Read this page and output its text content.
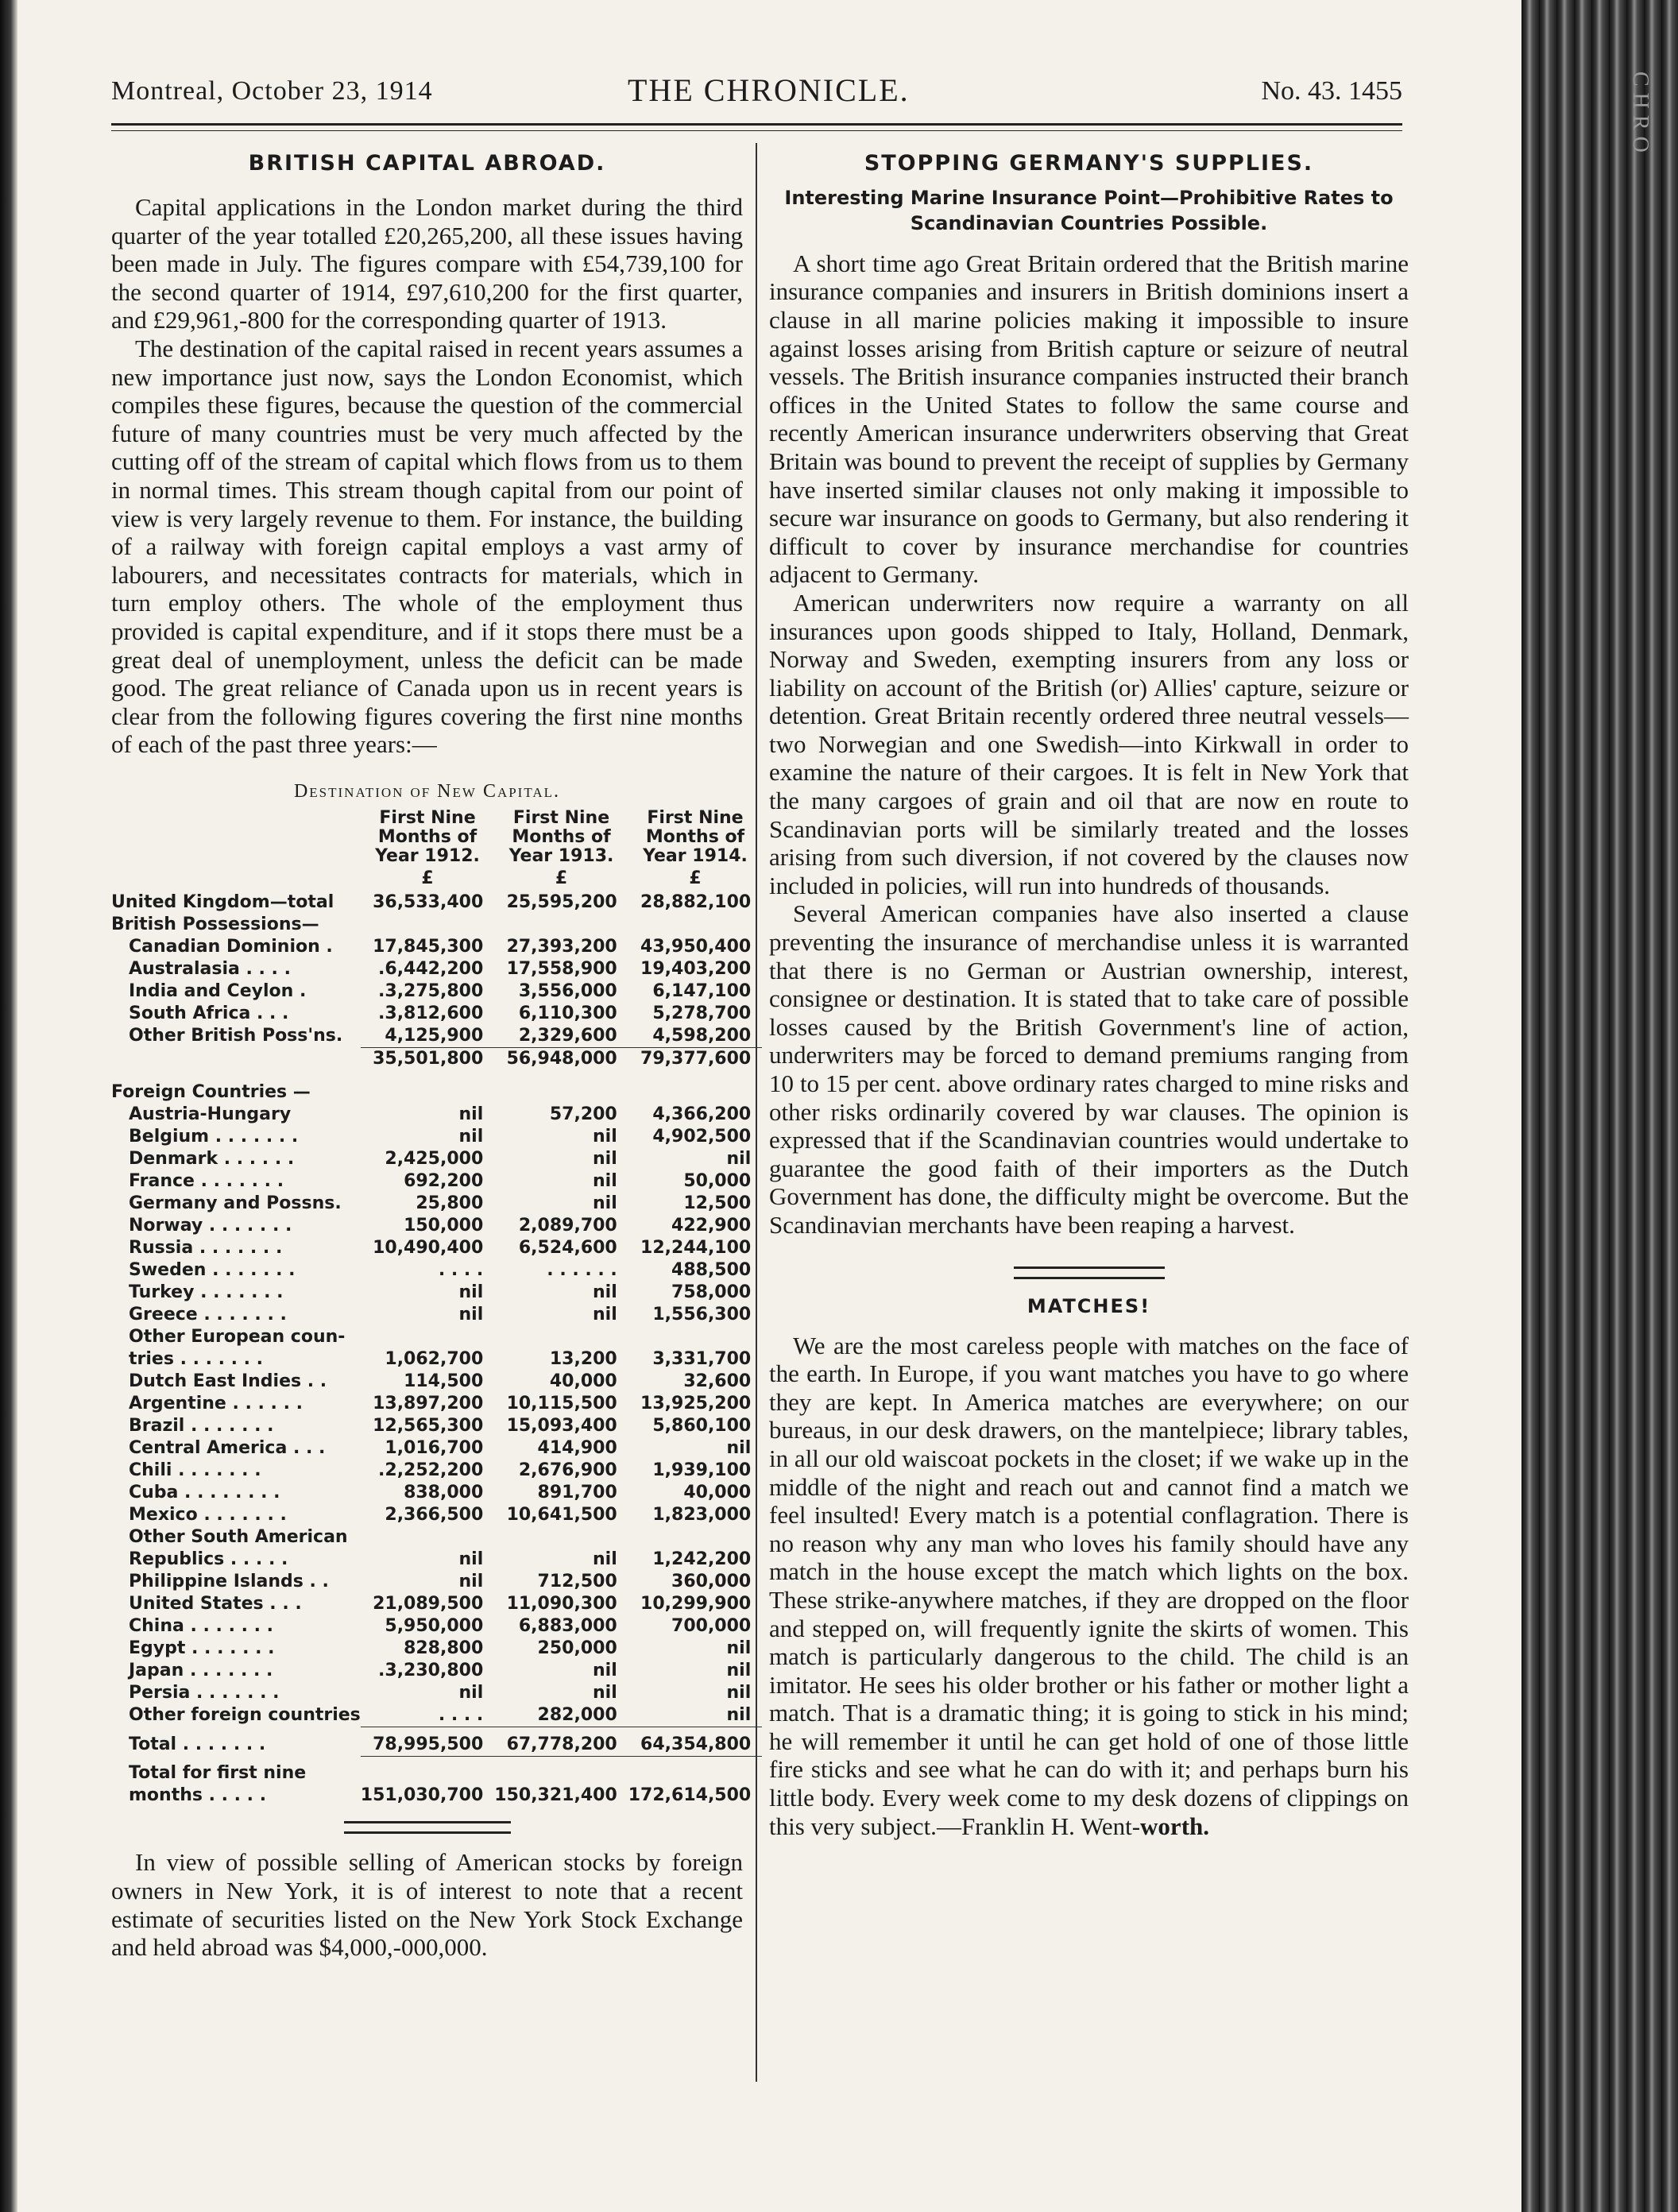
Montreal, October 23, 1914	THE CHRONICLE.	No. 43. 1455
BRITISH CAPITAL ABROAD.

Capital applications in the London market during the third quarter of the year totalled £20,265,200, all these issues having been made in July. The figures compare with £54,739,100 for the second quarter of 1914, £97,610,200 for the first quarter, and £29,961,-800 for the corresponding quarter of 1913.

The destination of the capital raised in recent years assumes a new importance just now, says the London Economist, which compiles these figures, because the question of the commercial future of many countries must be very much affected by the cutting off of the stream of capital which flows from us to them in normal times. This stream though capital from our point of view is very largely revenue to them. For instance, the building of a railway with foreign capital employs a vast army of labourers, and necessitates contracts for materials, which in turn employ others. The whole of the employment thus provided is capital expenditure, and if it stops there must be a great deal of unemployment, unless the deficit can be made good. The great reliance of Canada upon us in recent years is clear from the following figures covering the first nine months of each of the past three years:—

Destination of New Capital.
	First Nine Months of Year 1912.	First Nine Months of Year 1913.	First Nine Months of Year 1914.
	£	£	£
United Kingdom—total	36,533,400	25,595,200	28,882,100
British Possessions—			
Canadian Dominion .	17,845,300	27,393,200	43,950,400
Australasia . . . .	.6,442,200	17,558,900	19,403,200
India and Ceylon .	.3,275,800	3,556,000	6,147,100
South Africa . . .	.3,812,600	6,110,300	5,278,700
Other British Poss'ns.	4,125,900	2,329,600	4,598,200
	35,501,800	56,948,000	79,377,600

Foreign Countries —			
Austria-Hungary	nil	57,200	4,366,200
Belgium . . . . . . .	nil	nil	4,902,500
Denmark . . . . . .	2,425,000	nil	nil
France . . . . . . .	692,200	nil	50,000
Germany and Possns.	25,800	nil	12,500
Norway . . . . . . .	150,000	2,089,700	422,900
Russia . . . . . . .	10,490,400	6,524,600	12,244,100
Sweden . . . . . . .	. . . .	. . . . . .	488,500
Turkey . . . . . . .	nil	nil	758,000
Greece . . . . . . .	nil	nil	1,556,300
Other European coun-			
tries . . . . . . .	1,062,700	13,200	3,331,700
Dutch East Indies . .	114,500	40,000	32,600
Argentine . . . . . .	13,897,200	10,115,500	13,925,200
Brazil . . . . . . .	12,565,300	15,093,400	5,860,100
Central America . . .	1,016,700	414,900	nil
Chili . . . . . . .	.2,252,200	2,676,900	1,939,100
Cuba . . . . . . . .	838,000	891,700	40,000
Mexico . . . . . . .	2,366,500	10,641,500	1,823,000
Other South American			
Republics . . . . .	nil	nil	1,242,200
Philippine Islands . .	nil	712,500	360,000
United States . . .	21,089,500	11,090,300	10,299,900
China . . . . . . .	5,950,000	6,883,000	700,000
Egypt . . . . . . .	828,800	250,000	nil
Japan . . . . . . .	.3,230,800	nil	nil
Persia . . . . . . .	nil	nil	nil
Other foreign countries	. . . .	282,000	nil
Total . . . . . . .	78,995,500	67,778,200	64,354,800
Total for first nine			
months . . . . .	151,030,700	150,321,400	172,614,500

In view of possible selling of American stocks by foreign owners in New York, it is of interest to note that a recent estimate of securities listed on the New York Stock Exchange and held abroad was $4,000,-000,000.

STOPPING GERMANY'S SUPPLIES.
Interesting Marine Insurance Point—Prohibitive Rates to Scandinavian Countries Possible.

A short time ago Great Britain ordered that the British marine insurance companies and insurers in British dominions insert a clause in all marine policies making it impossible to insure against losses arising from British capture or seizure of neutral vessels. The British insurance companies instructed their branch offices in the United States to follow the same course and recently American insurance underwriters observing that Great Britain was bound to prevent the receipt of supplies by Germany have inserted similar clauses not only making it impossible to secure war insurance on goods to Germany, but also rendering it difficult to cover by insurance merchandise for countries adjacent to Germany.

American underwriters now require a warranty on all insurances upon goods shipped to Italy, Holland, Denmark, Norway and Sweden, exempting insurers from any loss or liability on account of the British (or) Allies' capture, seizure or detention. Great Britain recently ordered three neutral vessels—two Norwegian and one Swedish—into Kirkwall in order to examine the nature of their cargoes. It is felt in New York that the many cargoes of grain and oil that are now en route to Scandinavian ports will be similarly treated and the losses arising from such diversion, if not covered by the clauses now included in policies, will run into hundreds of thousands.

Several American companies have also inserted a clause preventing the insurance of merchandise unless it is warranted that there is no German or Austrian ownership, interest, consignee or destination. It is stated that to take care of possible losses caused by the British Government's line of action, underwriters may be forced to demand premiums ranging from 10 to 15 per cent. above ordinary rates charged to mine risks and other risks ordinarily covered by war clauses. The opinion is expressed that if the Scandinavian countries would undertake to guarantee the good faith of their importers as the Dutch Government has done, the difficulty might be overcome. But the Scandinavian merchants have been reaping a harvest.

MATCHES!

We are the most careless people with matches on the face of the earth. In Europe, if you want matches you have to go where they are kept. In America matches are everywhere; on our bureaus, in our desk drawers, on the mantelpiece; library tables, in all our old waiscoat pockets in the closet; if we wake up in the middle of the night and reach out and cannot find a match we feel insulted! Every match is a potential conflagration. There is no reason why any man who loves his family should have any match in the house except the match which lights on the box. These strike-anywhere matches, if they are dropped on the floor and stepped on, will frequently ignite the skirts of women. This match is particularly dangerous to the child. The child is an imitator. He sees his older brother or his father or mother light a match. That is a dramatic thing; it is going to stick in his mind; he will remember it until he can get hold of one of those little fire sticks and see what he can do with it; and perhaps burn his little body. Every week come to my desk dozens of clippings on this very subject.—Franklin H. Went-worth.

CHRO
